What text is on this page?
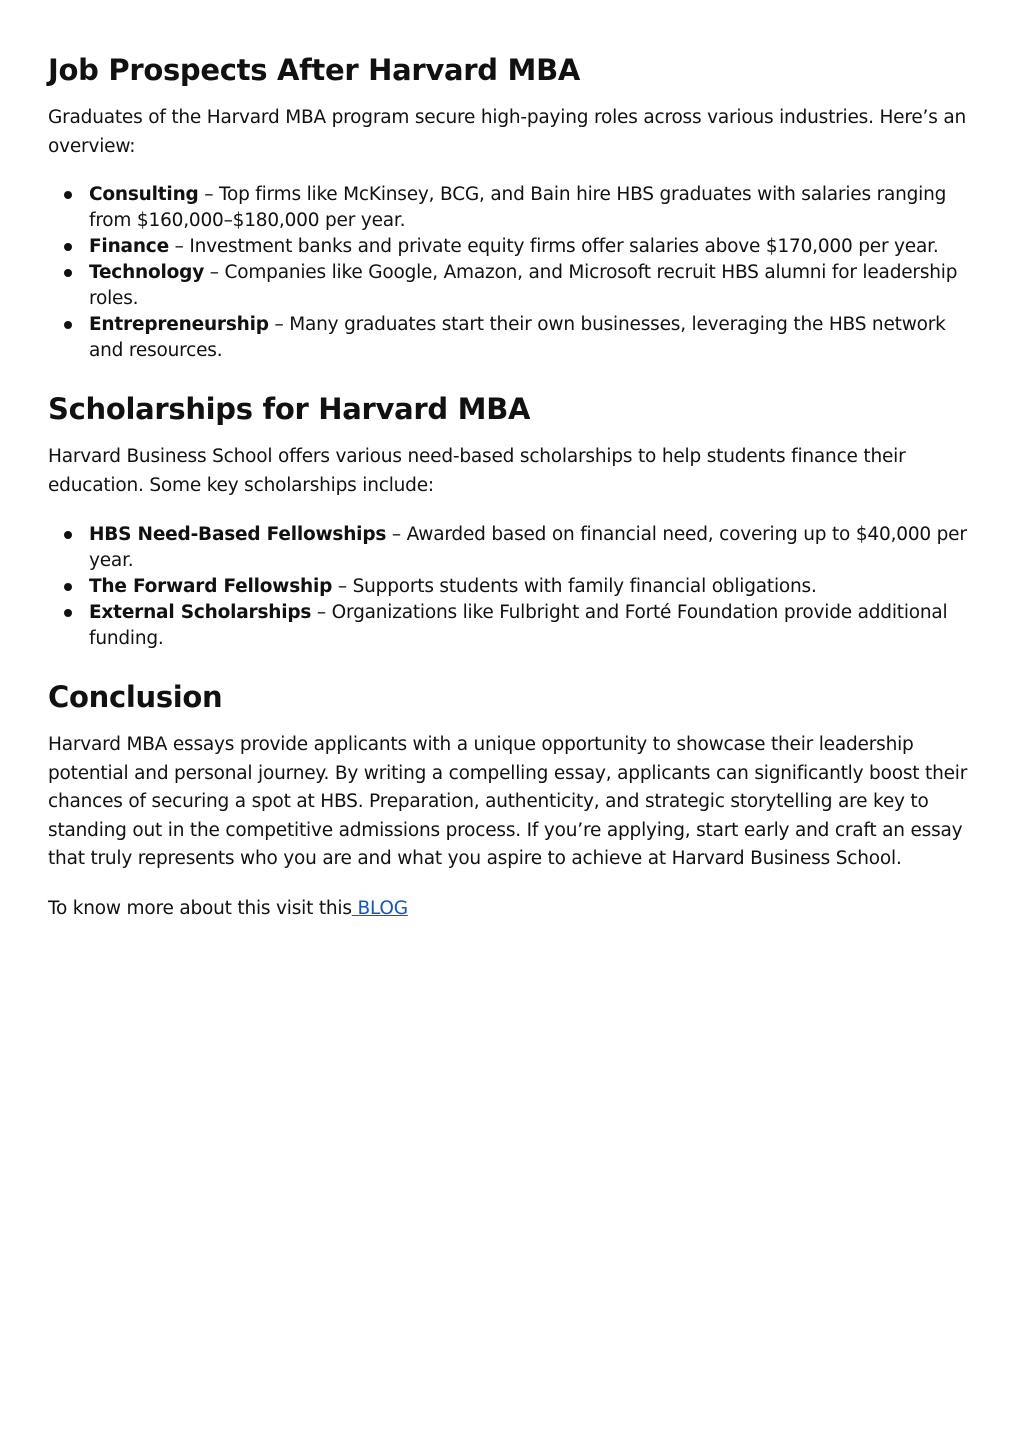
Job Prospects After Harvard MBA

Graduates of the Harvard MBA program secure high-paying roles across various industries. Here’s an overview:

Consulting – Top firms like McKinsey, BCG, and Bain hire HBS graduates with salaries ranging from $160,000–$180,000 per year.
Finance – Investment banks and private equity firms offer salaries above $170,000 per year.
Technology – Companies like Google, Amazon, and Microsoft recruit HBS alumni for leadership roles.
Entrepreneurship – Many graduates start their own businesses, leveraging the HBS network and resources.
Scholarships for Harvard MBA

Harvard Business School offers various need-based scholarships to help students finance their education. Some key scholarships include:

HBS Need-Based Fellowships – Awarded based on financial need, covering up to $40,000 per year.
The Forward Fellowship – Supports students with family financial obligations.
External Scholarships – Organizations like Fulbright and Forté Foundation provide additional funding.
Conclusion

Harvard MBA essays provide applicants with a unique opportunity to showcase their leadership potential and personal journey. By writing a compelling essay, applicants can significantly boost their chances of securing a spot at HBS. Preparation, authenticity, and strategic storytelling are key to standing out in the competitive admissions process. If you’re applying, start early and craft an essay that truly represents who you are and what you aspire to achieve at Harvard Business School.

To know more about this visit this BLOG
